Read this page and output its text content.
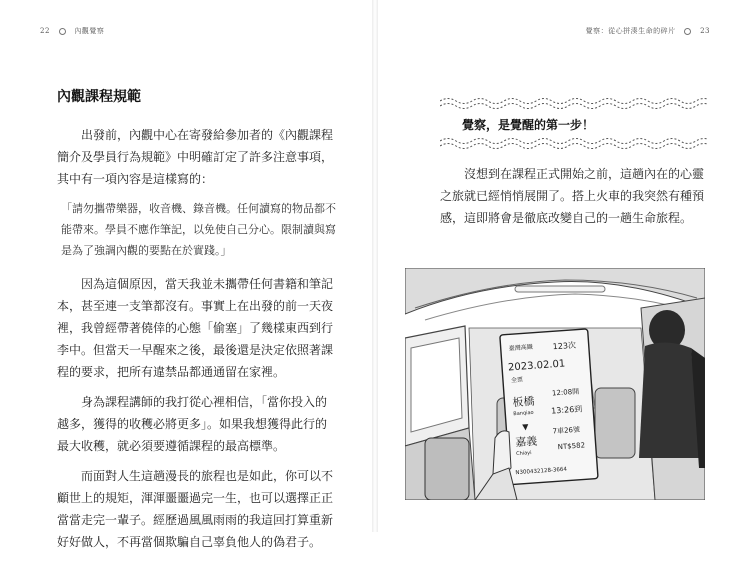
22	內觀覺察
內觀課程規範

出發前，內觀中心在寄發給參加者的《內觀課程簡介及學員行為規範》中明確訂定了許多注意事項，其中有一項內容是這樣寫的：

「請勿攜帶樂器，收音機、錄音機。任何讀寫的物品都不能帶來。學員不應作筆記，以免使自己分心。限制讀與寫是為了強調內觀的要點在於實踐。」

因為這個原因，當天我並未攜帶任何書籍和筆記本，甚至連一支筆都沒有。事實上在出發的前一天夜裡，我曾經帶著僥倖的心態「偷塞」了幾樣東西到行李中。但當天一早醒來之後，最後還是決定依照著課程的要求，把所有違禁品都通通留在家裡。

身為課程講師的我打從心裡相信，「當你投入的越多，獲得的收穫必將更多」。如果我想獲得此行的最大收穫，就必須要遵循課程的最高標準。

而面對人生這趟漫長的旅程也是如此，你可以不顧世上的規矩，渾渾噩噩過完一生，也可以選擇正正當當走完一輩子。經歷過風風雨雨的我這回打算重新好好做人，不再當個欺騙自己辜負他人的偽君子。

覺察：從心拼湊生命的碎片	23
覺察，是覺醒的第一步！

沒想到在課程正式開始之前，這趟內在的心靈之旅就已經悄悄展開了。搭上火車的我突然有種預感，這即將會是徹底改變自己的一趟生命旅程。

臺灣高鐵 123次
2023.02.01
全票
板橋
Banqiao
12:08開
13:26到
▼
嘉義
Chiayi
7車26號
NT$582
N300432128-3664
